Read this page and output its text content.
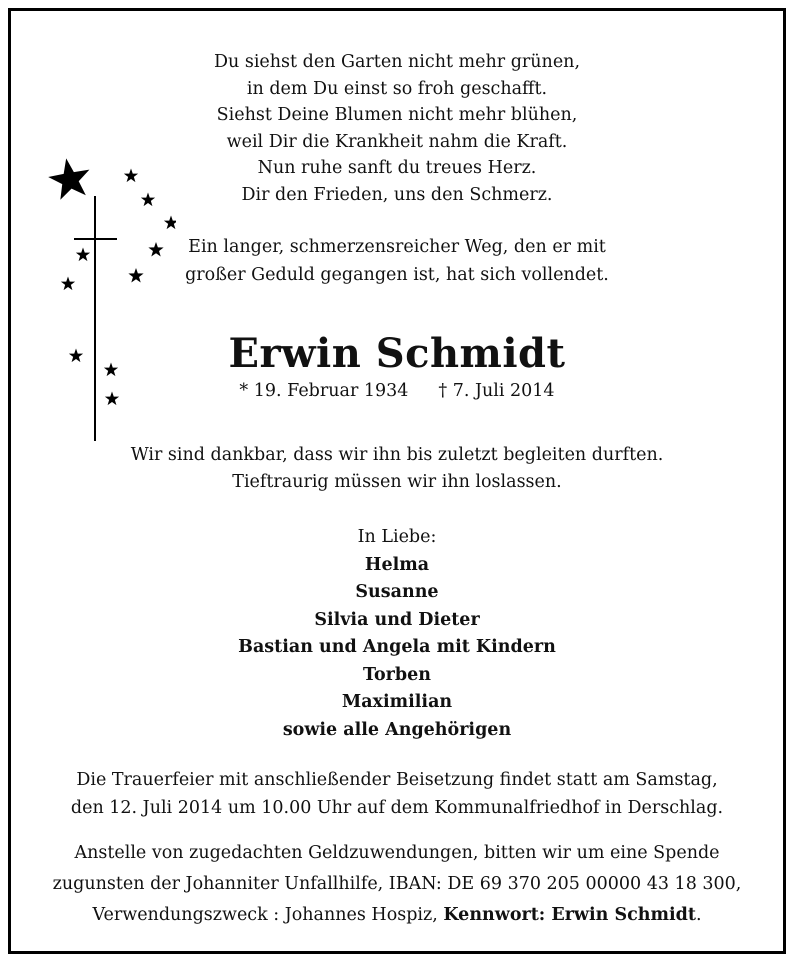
Du siehst den Garten nicht mehr grünen,
in dem Du einst so froh geschafft.
Siehst Deine Blumen nicht mehr blühen,
weil Dir die Krankheit nahm die Kraft.
Nun ruhe sanft du treues Herz.
Dir den Frieden, uns den Schmerz.
Ein langer, schmerzensreicher Weg, den er mit
großer Geduld gegangen ist, hat sich vollendet.
Erwin Schmidt
* 19. Februar 1934 † 7. Juli 2014
Wir sind dankbar, dass wir ihn bis zuletzt begleiten durften.
Tieftraurig müssen wir ihn loslassen.
In Liebe:
Helma
Susanne
Silvia und Dieter
Bastian und Angela mit Kindern
Torben
Maximilian
sowie alle Angehörigen
Die Trauerfeier mit anschließender Beisetzung findet statt am Samstag,
den 12. Juli 2014 um 10.00 Uhr auf dem Kommunalfriedhof in Derschlag.
Anstelle von zugedachten Geldzuwendungen, bitten wir um eine Spende
zugunsten der Johanniter Unfallhilfe, IBAN: DE 69 370 205 00000 43 18 300,
Verwendungszweck : Johannes Hospiz, Kennwort: Erwin Schmidt.
